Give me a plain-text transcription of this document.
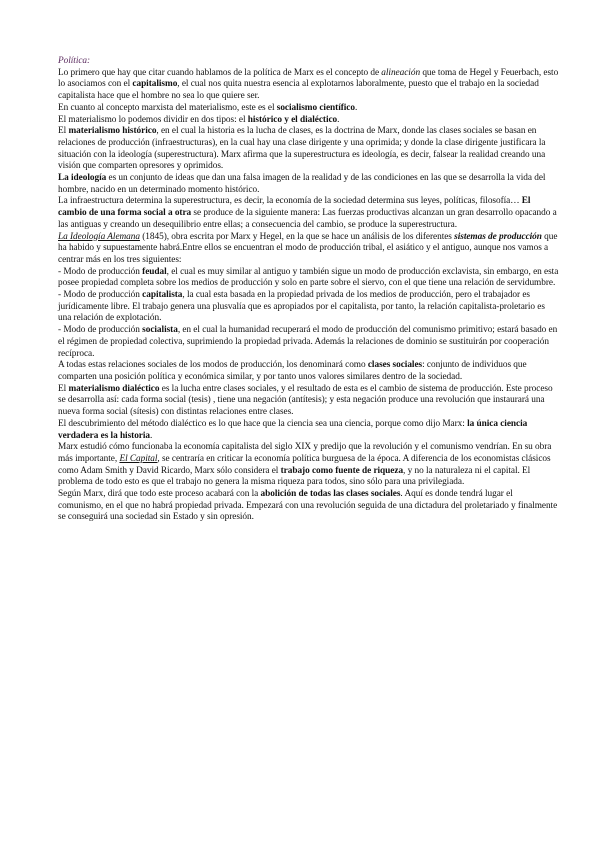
Política:

Lo primero que hay que citar cuando hablamos de la política de Marx es el concepto de alineación que toma de Hegel y Feuerbach, esto lo asociamos con el capitalismo, el cual nos quita nuestra esencia al explotarnos laboralmente, puesto que el trabajo en la sociedad capitalista hace que el hombre no sea lo que quiere ser.

En cuanto al concepto marxista del materialismo, este es el socialismo científico.

El materialismo lo podemos dividir en dos tipos: el histórico y el dialéctico.

El materialismo histórico, en el cual la historia es la lucha de clases, es la doctrina de Marx, donde las clases sociales se basan en relaciones de producción (infraestructuras), en la cual hay una clase dirigente y una oprimida; y donde la clase dirigente justificara la situación con la ideología (superestructura). Marx afirma que la superestructura es ideología, es decir, falsear la realidad creando una visión que comparten opresores y oprimidos.

La ideología es un conjunto de ideas que dan una falsa imagen de la realidad y de las condiciones en las que se desarrolla la vida del hombre, nacido en un determinado momento histórico.

La infraestructura determina la superestructura, es decir, la economía de la sociedad determina sus leyes, políticas, filosofía… El cambio de una forma social a otra se produce de la siguiente manera: Las fuerzas productivas alcanzan un gran desarrollo opacando a las antiguas y creando un desequilibrio entre ellas; a consecuencia del cambio, se produce la superestructura.

La Ideología Alemana (1845), obra escrita por Marx y Hegel, en la que se hace un análisis de los diferentes sistemas de producción que ha habido y supuestamente habrá.Entre ellos se encuentran el modo de producción tribal, el asiático y el antiguo, aunque nos vamos a centrar más en los tres siguientes:

- Modo de producción feudal, el cual es muy similar al antiguo y también sigue un modo de producción exclavista, sin embargo, en esta posee propiedad completa sobre los medios de producción y solo en parte sobre el siervo, con el que tiene una relación de servidumbre.

- Modo de producción capitalista, la cual esta basada en la propiedad privada de los medios de producción, pero el trabajador es jurídicamente libre. El trabajo genera una plusvalía que es apropiados por el capitalista, por tanto, la relación capitalista-proletario es una relación de explotación.

- Modo de producción socialista, en el cual la humanidad recuperará el modo de producción del comunismo primitivo; estará basado en el régimen de propiedad colectiva, suprimiendo la propiedad privada. Además la relaciones de dominio se sustituirán por cooperación recíproca.

A todas estas relaciones sociales de los modos de producción, los denominará como clases sociales: conjunto de individuos que comparten una posición política y económica similar, y por tanto unos valores similares dentro de la sociedad.

El materialismo dialéctico es la lucha entre clases sociales, y el resultado de esta es el cambio de sistema de producción. Este proceso se desarrolla así: cada forma social (tesis) , tiene una negación (antítesis); y esta negación produce una revolución que instaurará una nueva forma social (sítesis) con distintas relaciones entre clases.

El descubrimiento del método dialéctico es lo que hace que la ciencia sea una ciencia, porque como dijo Marx: la única ciencia verdadera es la historia.

Marx estudió cómo funcionaba la economía capitalista del siglo XIX y predijo que la revolución y el comunismo vendrían. En su obra más importante, El Capital, se centraría en criticar la economía política burguesa de la época. A diferencia de los economistas clásicos como Adam Smith y David Ricardo, Marx sólo considera el trabajo como fuente de riqueza, y no la naturaleza ni el capital. El problema de todo esto es que el trabajo no genera la misma riqueza para todos, sino sólo para una privilegiada.

Según Marx, dirá que todo este proceso acabará con la abolición de todas las clases sociales. Aquí es donde tendrá lugar el comunismo, en el que no habrá propiedad privada. Empezará con una revolución seguida de una dictadura del proletariado y finalmente se conseguirá una sociedad sin Estado y sin opresión.
